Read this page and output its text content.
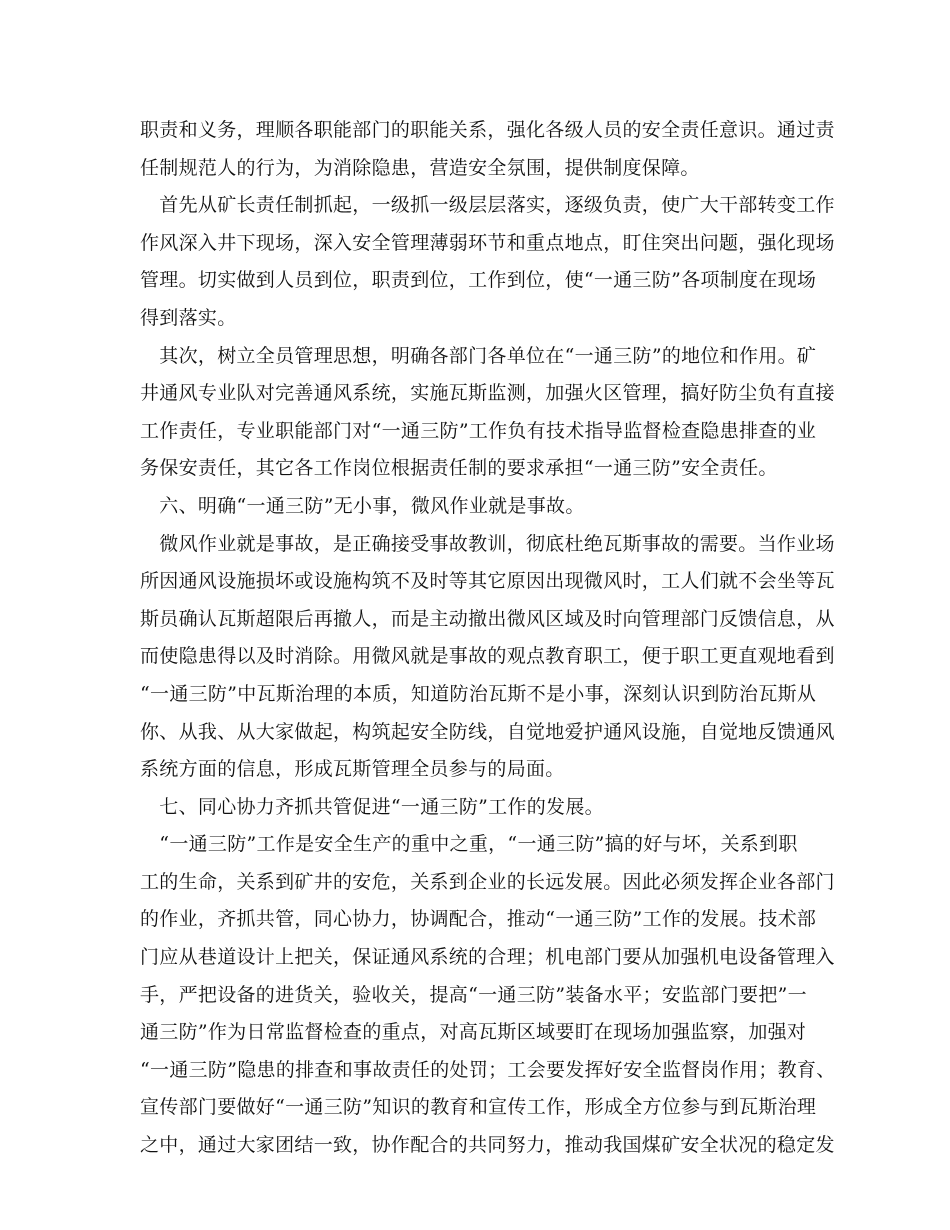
职责和义务，理顺各职能部门的职能关系，强化各级人员的安全责任意识。通过责
任制规范人的行为，为消除隐患，营造安全氛围，提供制度保障。
　首先从矿长责任制抓起，一级抓一级层层落实，逐级负责，使广大干部转变工作
作风深入井下现场，深入安全管理薄弱环节和重点地点，盯住突出问题，强化现场
管理。切实做到人员到位，职责到位，工作到位，使“一通三防”各项制度在现场
得到落实。
　其次，树立全员管理思想，明确各部门各单位在“一通三防”的地位和作用。矿
井通风专业队对完善通风系统，实施瓦斯监测，加强火区管理，搞好防尘负有直接
工作责任，专业职能部门对“一通三防”工作负有技术指导监督检查隐患排查的业
务保安责任，其它各工作岗位根据责任制的要求承担“一通三防”安全责任。
　六、明确“一通三防”无小事，微风作业就是事故。
　微风作业就是事故，是正确接受事故教训，彻底杜绝瓦斯事故的需要。当作业场
所因通风设施损坏或设施构筑不及时等其它原因出现微风时，工人们就不会坐等瓦
斯员确认瓦斯超限后再撤人，而是主动撤出微风区域及时向管理部门反馈信息，从
而使隐患得以及时消除。用微风就是事故的观点教育职工，便于职工更直观地看到
“一通三防”中瓦斯治理的本质，知道防治瓦斯不是小事，深刻认识到防治瓦斯从
你、从我、从大家做起，构筑起安全防线，自觉地爱护通风设施，自觉地反馈通风
系统方面的信息，形成瓦斯管理全员参与的局面。
　七、同心协力齐抓共管促进“一通三防”工作的发展。
　“一通三防”工作是安全生产的重中之重，“一通三防”搞的好与坏，关系到职
工的生命，关系到矿井的安危，关系到企业的长远发展。因此必须发挥企业各部门
的作业，齐抓共管，同心协力，协调配合，推动“一通三防”工作的发展。技术部
门应从巷道设计上把关，保证通风系统的合理；机电部门要从加强机电设备管理入
手，严把设备的进货关，验收关，提高“一通三防”装备水平；安监部门要把”一
通三防”作为日常监督检查的重点，对高瓦斯区域要盯在现场加强监察，加强对
“一通三防”隐患的排查和事故责任的处罚；工会要发挥好安全监督岗作用；教育、
宣传部门要做好“一通三防”知识的教育和宣传工作，形成全方位参与到瓦斯治理
之中，通过大家团结一致，协作配合的共同努力，推动我国煤矿安全状况的稳定发
